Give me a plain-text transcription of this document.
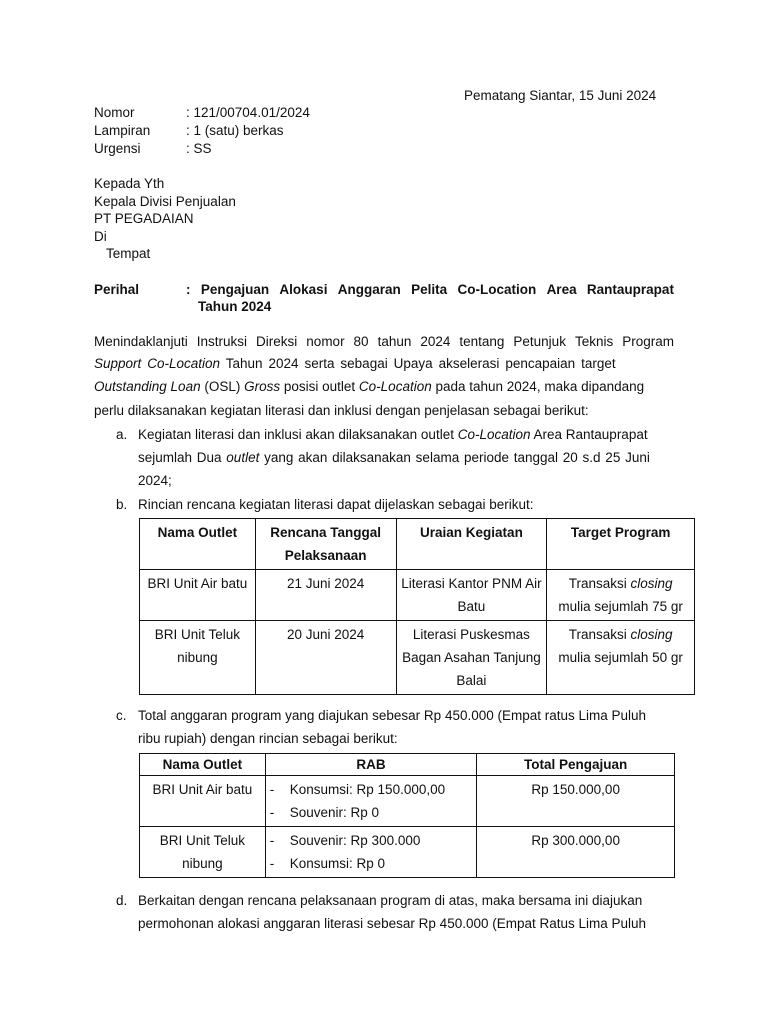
Pematang Siantar, 15 Juni 2024
Nomor	: 121/00704.01/2024
Lampiran	: 1 (satu) berkas
Urgensi	: SS
Kepada Yth
Kepala Divisi Penjualan
PT PEGADAIAN
Di
Tempat
Perihal	: Pengajuan Alokasi Anggaran Pelita Co-Location Area Rantauprapat
Tahun 2024
Menindaklanjuti Instruksi Direksi nomor 80 tahun 2024 tentang Petunjuk Teknis Program
Support Co-Location Tahun 2024 serta sebagai Upaya akselerasi pencapaian target
Outstanding Loan (OSL) Gross posisi outlet Co-Location pada tahun 2024, maka dipandang
perlu dilaksanakan kegiatan literasi dan inklusi dengan penjelasan sebagai berikut:
a. Kegiatan literasi dan inklusi akan dilaksanakan outlet Co-Location Area Rantauprapat
sejumlah Dua outlet yang akan dilaksanakan selama periode tanggal 20 s.d 25 Juni
2024;
b. Rincian rencana kegiatan literasi dapat dijelaskan sebagai berikut:
Nama Outlet	Rencana Tanggal Pelaksanaan	Uraian Kegiatan	Target Program
BRI Unit Air batu	21 Juni 2024	Literasi Kantor PNM Air Batu	Transaksi closing mulia sejumlah 75 gr
BRI Unit Teluk nibung	20 Juni 2024	Literasi Puskesmas Bagan Asahan Tanjung Balai	Transaksi closing mulia sejumlah 50 gr
c. Total anggaran program yang diajukan sebesar Rp 450.000 (Empat ratus Lima Puluh
ribu rupiah) dengan rincian sebagai berikut:
Nama Outlet	RAB	Total Pengajuan
BRI Unit Air batu	- Konsumsi: Rp 150.000,00
- Souvenir: Rp 0	Rp 150.000,00
BRI Unit Teluk nibung	- Souvenir: Rp 300.000
- Konsumsi: Rp 0	Rp 300.000,00
d. Berkaitan dengan rencana pelaksanaan program di atas, maka bersama ini diajukan
permohonan alokasi anggaran literasi sebesar Rp 450.000 (Empat Ratus Lima Puluh
